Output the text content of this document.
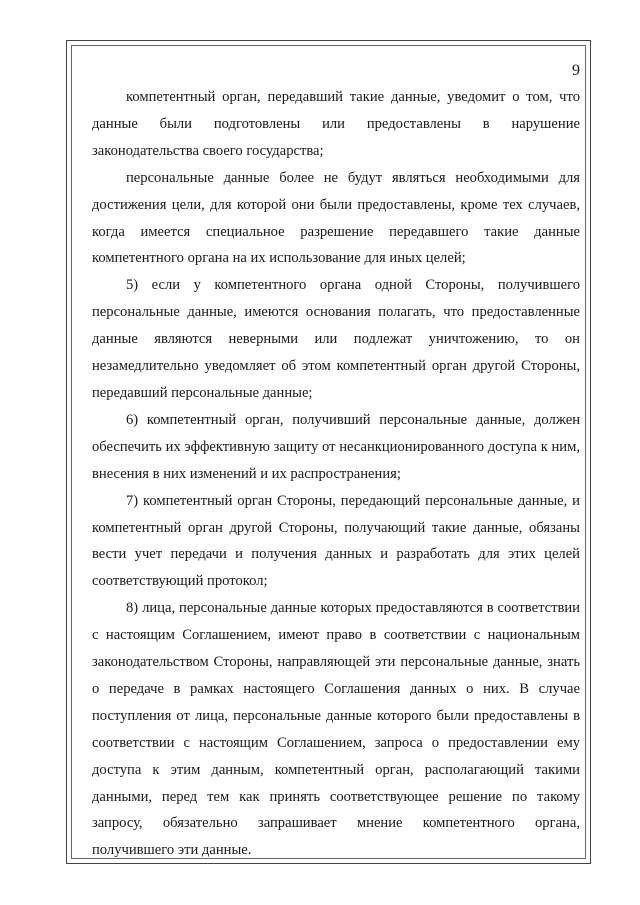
9

компетентный орган, передавший такие данные, уведомит о том, что данные были подготовлены или предоставлены в нарушение законодательства своего государства;

персональные данные более не будут являться необходимыми для достижения цели, для которой они были предоставлены, кроме тех случаев, когда имеется специальное разрешение передавшего такие данные компетентного органа на их использование для иных целей;

5) если у компетентного органа одной Стороны, получившего персональные данные, имеются основания полагать, что предоставленные данные являются неверными или подлежат уничтожению, то он незамедлительно уведомляет об этом компетентный орган другой Стороны, передавший персональные данные;

6) компетентный орган, получивший персональные данные, должен обеспечить их эффективную защиту от несанкционированного доступа к ним, внесения в них изменений и их распространения;

7) компетентный орган Стороны, передающий персональные данные, и компетентный орган другой Стороны, получающий такие данные, обязаны вести учет передачи и получения данных и разработать для этих целей соответствующий протокол;

8) лица, персональные данные которых предоставляются в соответствии с настоящим Соглашением, имеют право в соответствии с национальным законодательством Стороны, направляющей эти персональные данные, знать о передаче в рамках настоящего Соглашения данных о них. В случае поступления от лица, персональные данные которого были предоставлены в соответствии с настоящим Соглашением, запроса о предоставлении ему доступа к этим данным, компетентный орган, располагающий такими данными, перед тем как принять соответствующее решение по такому запросу, обязательно запрашивает мнение компетентного органа, получившего эти данные.
